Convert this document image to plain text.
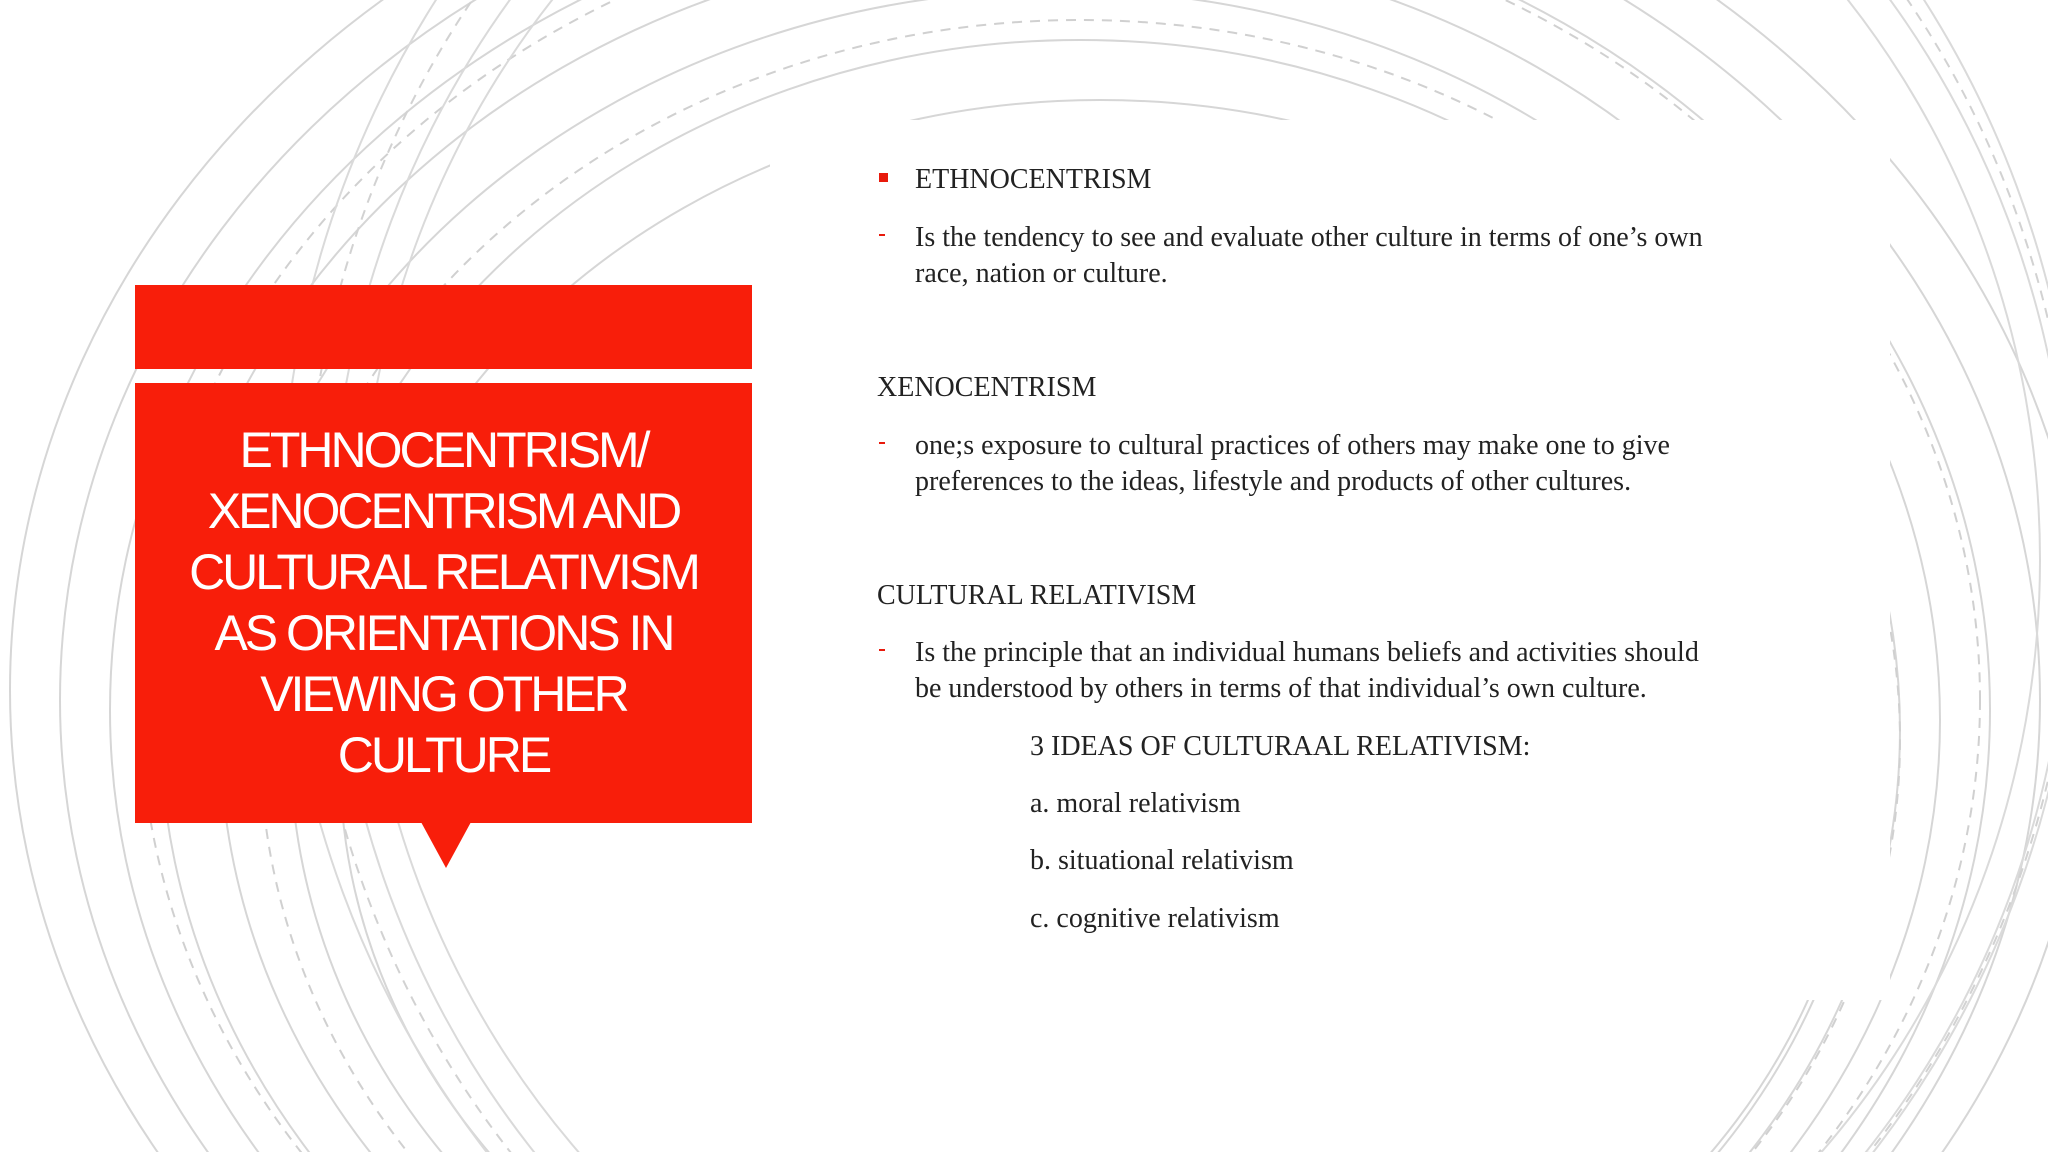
ETHNOCENTRISM/ XENOCENTRISM AND CULTURAL RELATIVISM AS ORIENTATIONS IN VIEWING OTHER CULTURE
ETHNOCENTRISM
Is the tendency to see and evaluate other culture in terms of one’s own
race, nation or culture.
XENOCENTRISM
one;s exposure to cultural practices of others may make one to give
preferences to the ideas, lifestyle and products of other cultures.
CULTURAL RELATIVISM
Is the principle that an individual humans beliefs and activities should
be understood by others in terms of that individual’s own culture.
3 IDEAS OF CULTURAAL RELATIVISM:
a. moral relativism
b. situational relativism
c. cognitive relativism
